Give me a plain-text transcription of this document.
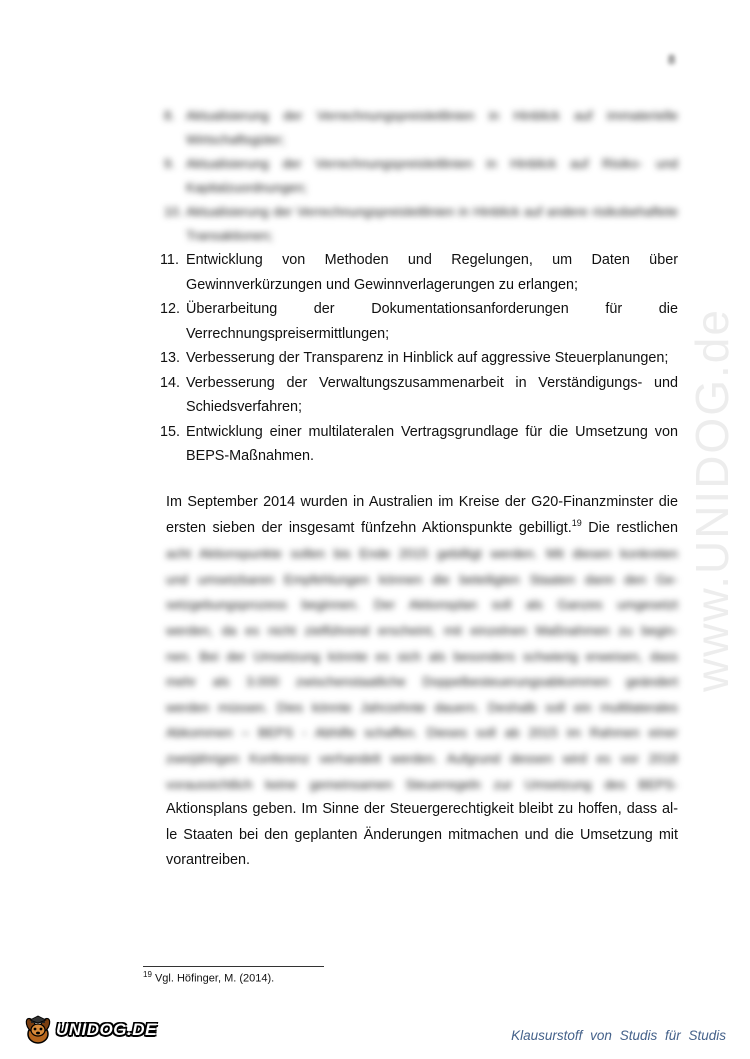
www.UNIDOG.de
8
8. Aktualisierung der Verrechnungspreisleitlinien in Hinblick auf immaterielle Wirtschaftsgüter;
9. Aktualisierung der Verrechnungspreisleitlinien in Hinblick auf Risiko- und Kapitalzuordnungen;
10. Aktualisierung der Verrechnungspreisleitlinien in Hinblick auf andere risikobehaftete Transaktionen;
11. Entwicklung von Methoden und Regelungen, um Daten über Gewinnverkürzungen und Gewinnverlagerungen zu erlangen;
12. Überarbeitung der Dokumentationsanforderungen für die Verrechnungspreisermittlungen;
13. Verbesserung der Transparenz in Hinblick auf aggressive Steuerplanungen;
14. Verbesserung der Verwaltungszusammenarbeit in Verständigungs- und Schiedsverfahren;
15. Entwicklung einer multilateralen Vertragsgrundlage für die Umsetzung von BEPS-Maßnahmen.
Im September 2014 wurden in Australien im Kreise der G20-Finanzminster die
ersten sieben der insgesamt fünfzehn Aktionspunkte gebilligt.$^{19}$ Die restlichen
acht Aktionspunkte sollen bis Ende 2015 gebilligt werden. Mit diesen konkreten
und umsetzbaren Empfehlungen können die beteiligten Staaten dann den Ge-
setzgebungsprozess beginnen. Der Aktionsplan soll als Ganzes umgesetzt
werden, da es nicht zielführend erscheint, mit einzelnen Maßnahmen zu begin-
nen. Bei der Umsetzung könnte es sich als besonders schwierig erweisen, dass
mehr als 3.000 zwischenstaatliche Doppelbesteuerungsabkommen geändert
werden müssen. Dies könnte Jahrzehnte dauern. Deshalb soll ein multilaterales
Abkommen – BEPS - Abhilfe schaffen. Dieses soll ab 2015 im Rahmen einer
zweijährigen Konferenz verhandelt werden. Aufgrund dessen wird es vor 2018
voraussichtlich keine gemeinsamen Steuerregeln zur Umsetzung des BEPS-
Aktionsplans geben. Im Sinne der Steuergerechtigkeit bleibt zu hoffen, dass al-
le Staaten bei den geplanten Änderungen mitmachen und die Umsetzung mit
vorantreiben.
$^{19}$ Vgl. Höfinger, M. (2014).
UNIDOG.DE	Klausurstoff von Studis für Studis
